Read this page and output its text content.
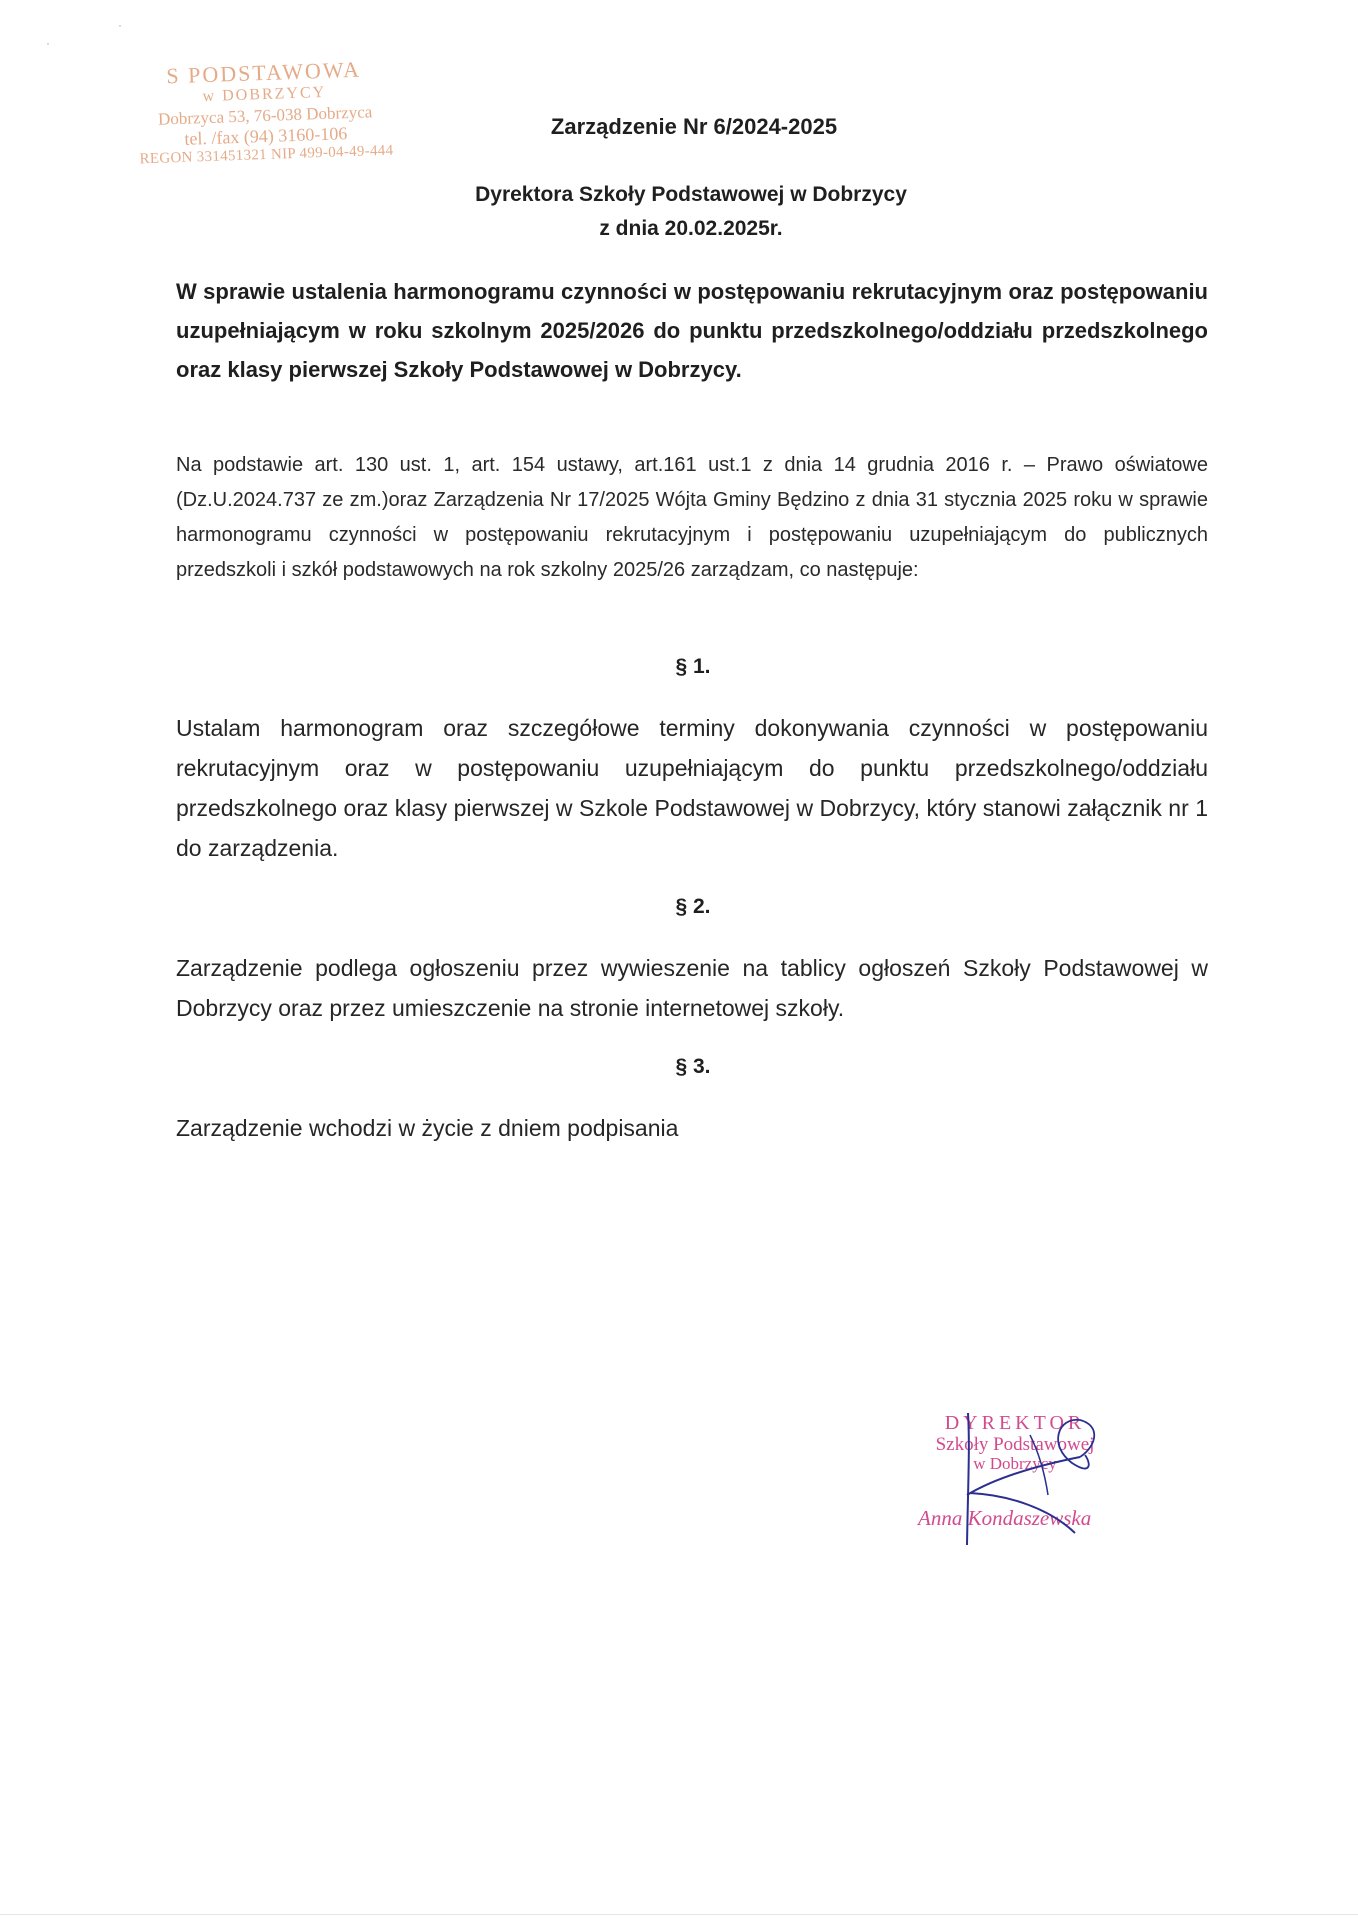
·
·
S PODSTAWOWA
w DOBRZYCY
Dobrzyca 53, 76-038 Dobrzyca
tel. /fax (94) 3160-106
REGON 331451321 NIP 499-04-49-444
Zarządzenie Nr 6/2024-2025
Dyrektora Szkoły Podstawowej w Dobrzycy
z dnia 20.02.2025r.
W sprawie ustalenia harmonogramu czynności w postępowaniu rekrutacyjnym oraz postępowaniu uzupełniającym w roku szkolnym 2025/2026 do punktu przedszkolnego/oddziału przedszkolnego oraz klasy pierwszej Szkoły Podstawowej w Dobrzycy.
Na podstawie art. 130 ust. 1, art. 154 ustawy, art.161 ust.1 z dnia 14 grudnia 2016 r. – Prawo oświatowe (Dz.U.2024.737 ze zm.)oraz Zarządzenia Nr 17/2025 Wójta Gminy Będzino z dnia 31 stycznia 2025 roku w sprawie harmonogramu czynności w postępowaniu rekrutacyjnym i postępowaniu uzupełniającym do publicznych przedszkoli i szkół podstawowych na rok szkolny 2025/26 zarządzam, co następuje:
§ 1.
Ustalam harmonogram oraz szczegółowe terminy dokonywania czynności w postępowaniu rekrutacyjnym oraz w postępowaniu uzupełniającym do punktu przedszkolnego/oddziału przedszkolnego oraz klasy pierwszej w Szkole Podstawowej w Dobrzycy, który stanowi załącznik nr 1 do zarządzenia.
§ 2.
Zarządzenie podlega ogłoszeniu przez wywieszenie na tablicy ogłoszeń Szkoły Podstawowej w Dobrzycy oraz przez umieszczenie na stronie internetowej szkoły.
§ 3.
Zarządzenie wchodzi w życie z dniem podpisania
DYREKTOR
Szkoły Podstawowej
w Dobrzycy
Anna Kondaszewska
